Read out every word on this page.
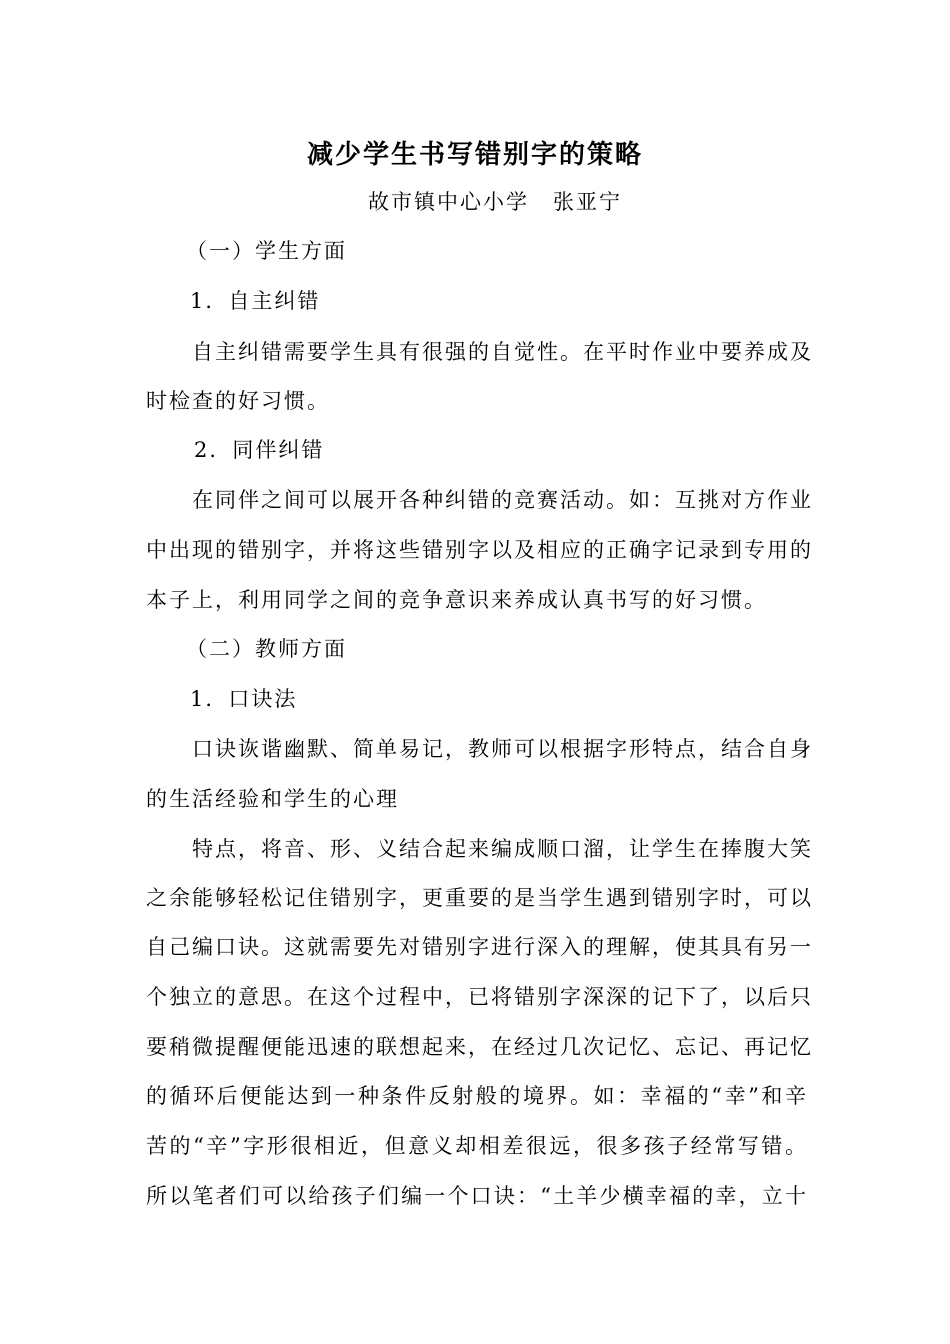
减少学生书写错别字的策略
故市镇中心小学 张亚宁
（一）学生方面
1．自主纠错
自主纠错需要学生具有很强的自觉性。在平时作业中要养成及
时检查的好习惯。
2．同伴纠错
在同伴之间可以展开各种纠错的竞赛活动。如：互挑对方作业
中出现的错别字，并将这些错别字以及相应的正确字记录到专用的
本子上，利用同学之间的竞争意识来养成认真书写的好习惯。
（二）教师方面
1．口诀法
口诀诙谐幽默、简单易记，教师可以根据字形特点，结合自身
的生活经验和学生的心理
特点，将音、形、义结合起来编成顺口溜，让学生在捧腹大笑
之余能够轻松记住错别字，更重要的是当学生遇到错别字时，可以
自己编口诀。这就需要先对错别字进行深入的理解，使其具有另一
个独立的意思。在这个过程中，已将错别字深深的记下了，以后只
要稍微提醒便能迅速的联想起来，在经过几次记忆、忘记、再记忆
的循环后便能达到一种条件反射般的境界。如：幸福的“幸”和辛
苦的“辛”字形很相近，但意义却相差很远，很多孩子经常写错。
所以笔者们可以给孩子们编一个口诀：“土羊少横幸福的幸，立十
